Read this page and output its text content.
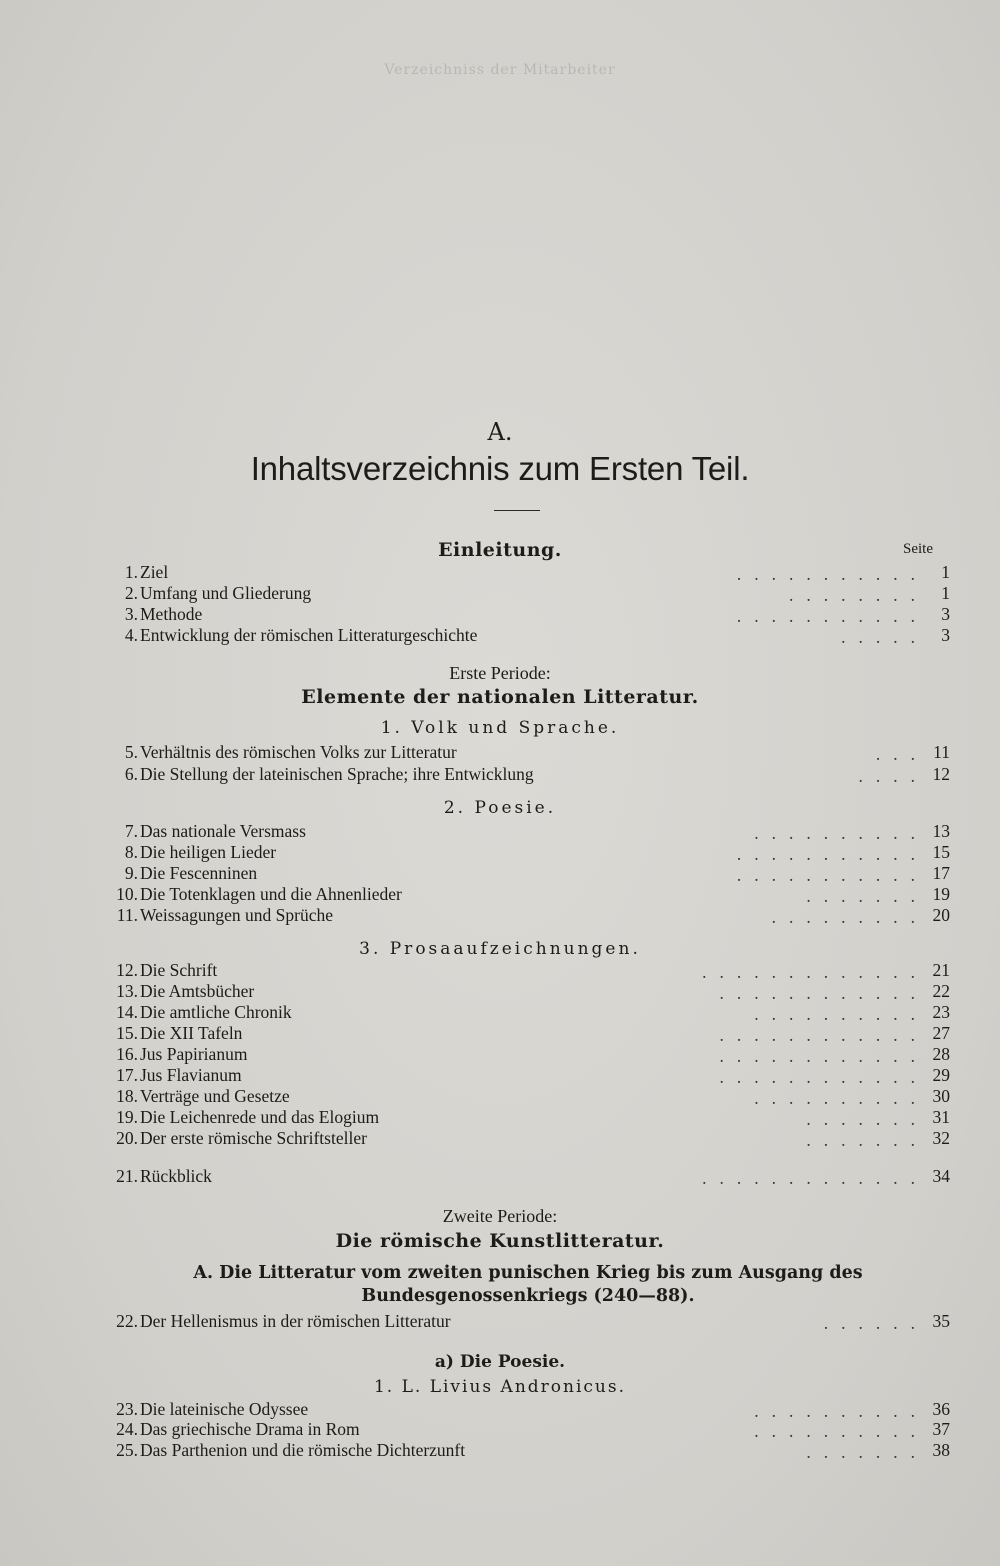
Verzeichniss der Mitarbeiter
A.
Inhaltsverzeichnis zum Ersten Teil.
Einleitung.	Seite
1. Ziel	........... 1
2. Umfang und Gliederung	........ 1
3. Methode	........... 3
4. Entwicklung der römischen Litteraturgeschichte	..... 3
Erste Periode:
Elemente der nationalen Litteratur.
1. Volk und Sprache.
5. Verhältnis des römischen Volks zur Litteratur	... 11
6. Die Stellung der lateinischen Sprache; ihre Entwicklung	.... 12
2. Poesie.
7. Das nationale Versmass	.......... 13
8. Die heiligen Lieder	........... 15
9. Die Fescenninen	........... 17
10. Die Totenklagen und die Ahnenlieder	....... 19
11. Weissagungen und Sprüche	......... 20
3. Prosaaufzeichnungen.
12. Die Schrift	............. 21
13. Die Amtsbücher	............ 22
14. Die amtliche Chronik	.......... 23
15. Die XII Tafeln	............ 27
16. Jus Papirianum	............ 28
17. Jus Flavianum	............ 29
18. Verträge und Gesetze	.......... 30
19. Die Leichenrede und das Elogium	....... 31
20. Der erste römische Schriftsteller	....... 32
21. Rückblick	............. 34
Zweite Periode:
Die römische Kunstlitteratur.
A. Die Litteratur vom zweiten punischen Krieg bis zum Ausgang des Bundesgenossenkriegs (240—88).
22. Der Hellenismus in der römischen Litteratur	...... 35
a) Die Poesie.
1. L. Livius Andronicus.
23. Die lateinische Odyssee	.......... 36
24. Das griechische Drama in Rom	.......... 37
25. Das Parthenion und die römische Dichterzunft	....... 38
